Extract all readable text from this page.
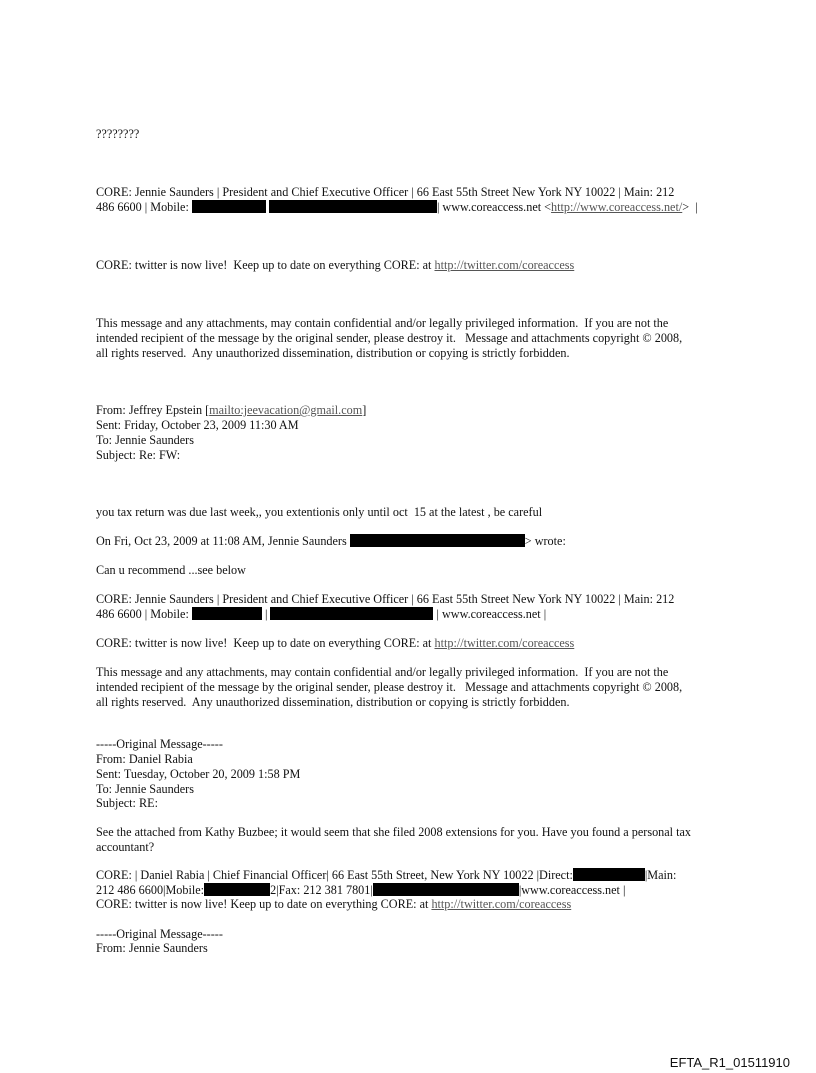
????????
CORE: Jennie Saunders | President and Chief Executive Officer | 66 East 55th Street New York NY 10022 | Main: 212
486 6600 | Mobile:	| www.coreaccess.net <http://www.coreaccess.net/>  |
CORE: twitter is now live!  Keep up to date on everything CORE: at http://twitter.com/coreaccess
This message and any attachments, may contain confidential and/or legally privileged information.  If you are not the
intended recipient of the message by the original sender, please destroy it.   Message and attachments copyright © 2008,
all rights reserved.  Any unauthorized dissemination, distribution or copying is strictly forbidden.
From: Jeffrey Epstein [mailto:jeevacation@gmail.com]
Sent: Friday, October 23, 2009 11:30 AM
To: Jennie Saunders
Subject: Re: FW:
you tax return was due last week,, you extentionis only until oct  15 at the latest , be careful
On Fri, Oct 23, 2009 at 11:08 AM, Jennie Saunders	> wrote:
Can u recommend ...see below
CORE: Jennie Saunders | President and Chief Executive Officer | 66 East 55th Street New York NY 10022 | Main: 212
486 6600 | Mobile:	|	| www.coreaccess.net |
CORE: twitter is now live!  Keep up to date on everything CORE: at http://twitter.com/coreaccess
This message and any attachments, may contain confidential and/or legally privileged information.  If you are not the
intended recipient of the message by the original sender, please destroy it.   Message and attachments copyright © 2008,
all rights reserved.  Any unauthorized dissemination, distribution or copying is strictly forbidden.
-----Original Message-----
From: Daniel Rabia
Sent: Tuesday, October 20, 2009 1:58 PM
To: Jennie Saunders
Subject: RE:
See the attached from Kathy Buzbee; it would seem that she filed 2008 extensions for you. Have you found a personal tax
accountant?
CORE: | Daniel Rabia | Chief Financial Officer| 66 East 55th Street, New York NY 10022 |Direct:	|Main:
212 486 6600|Mobile:	2|Fax: 212 381 7801|	|www.coreaccess.net |
CORE: twitter is now live! Keep up to date on everything CORE: at http://twitter.com/coreaccess
-----Original Message-----
From: Jennie Saunders
EFTA_R1_01511910
